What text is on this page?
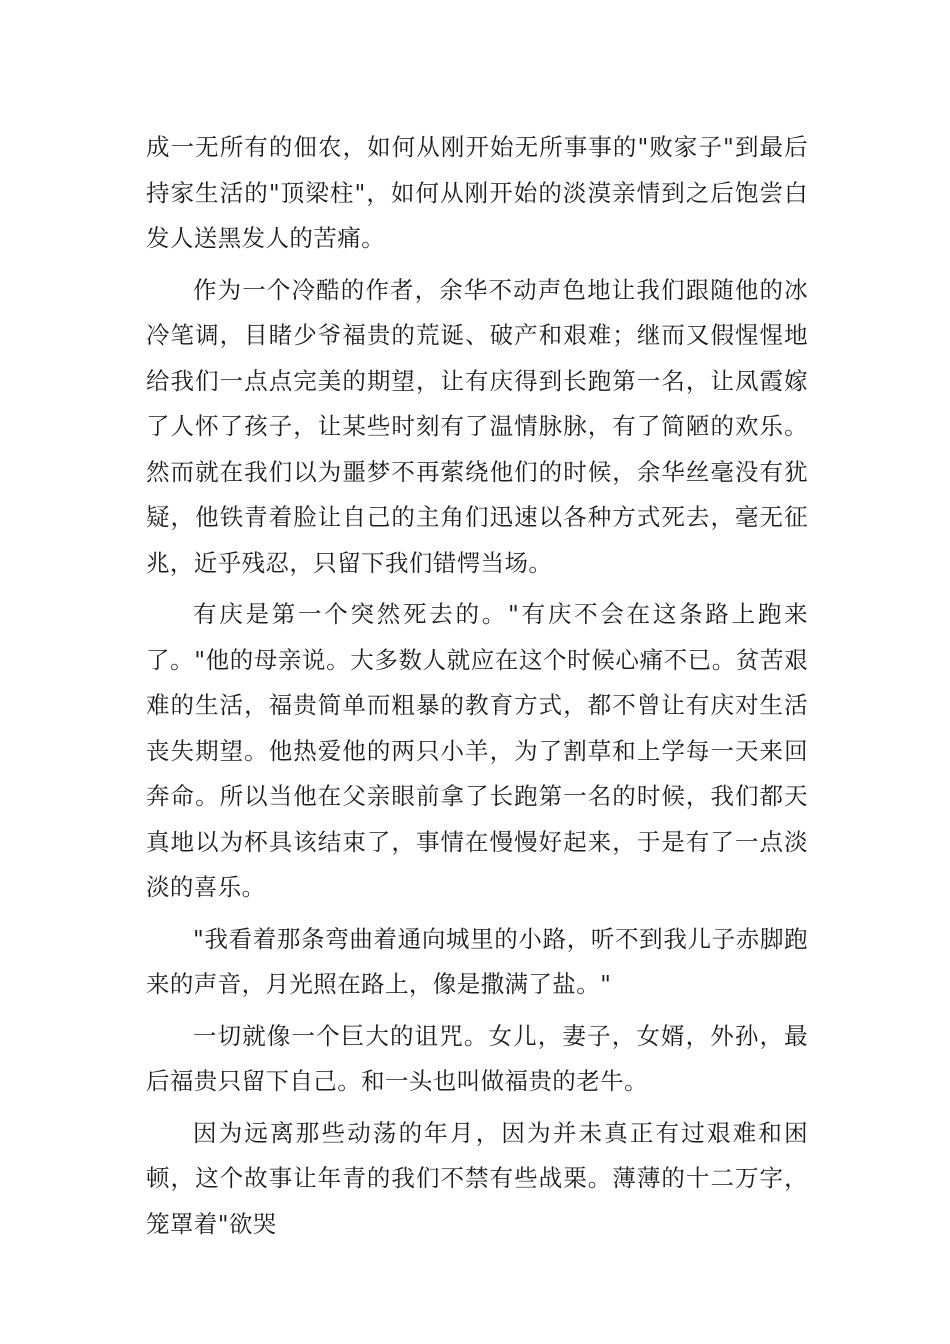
成一无所有的佃农，如何从刚开始无所事事的"败家子"到最后持家生活的"顶梁柱"，如何从刚开始的淡漠亲情到之后饱尝白发人送黑发人的苦痛。

作为一个冷酷的作者，余华不动声色地让我们跟随他的冰冷笔调，目睹少爷福贵的荒诞、破产和艰难；继而又假惺惺地给我们一点点完美的期望，让有庆得到长跑第一名，让凤霞嫁了人怀了孩子，让某些时刻有了温情脉脉，有了简陋的欢乐。然而就在我们以为噩梦不再萦绕他们的时候，余华丝毫没有犹疑，他铁青着脸让自己的主角们迅速以各种方式死去，毫无征兆，近乎残忍，只留下我们错愕当场。

有庆是第一个突然死去的。"有庆不会在这条路上跑来了。"他的母亲说。大多数人就应在这个时候心痛不已。贫苦艰难的生活，福贵简单而粗暴的教育方式，都不曾让有庆对生活丧失期望。他热爱他的两只小羊，为了割草和上学每一天来回奔命。所以当他在父亲眼前拿了长跑第一名的时候，我们都天真地以为杯具该结束了，事情在慢慢好起来，于是有了一点淡淡的喜乐。

"我看着那条弯曲着通向城里的小路，听不到我儿子赤脚跑来的声音，月光照在路上，像是撒满了盐。"

一切就像一个巨大的诅咒。女儿，妻子，女婿，外孙，最后福贵只留下自己。和一头也叫做福贵的老牛。

因为远离那些动荡的年月，因为并未真正有过艰难和困顿，这个故事让年青的我们不禁有些战栗。薄薄的十二万字，笼罩着"欲哭
